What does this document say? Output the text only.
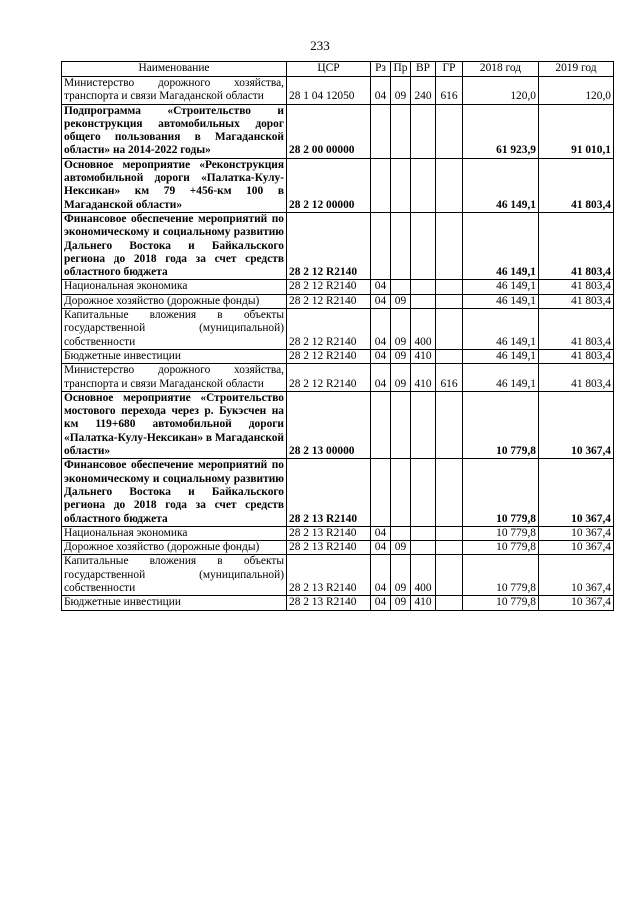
233
Наименование	ЦСР	Рз	Пр	ВР	ГР	2018 год	2019 год
Министерство дорожного хозяйства, транспорта и связи Магаданской области	28 1 04 12050	04	09	240	616	120,0	120,0
Подпрограмма «Строительство и реконструкция автомобильных дорог общего пользования в Магаданской области» на 2014-2022 годы»	28 2 00 00000					61 923,9	91 010,1
Основное мероприятие «Реконструкция автомобильной дороги «Палатка-Кулу-Нексикан» км 79 +456-км 100 в Магаданской области»	28 2 12 00000					46 149,1	41 803,4
Финансовое обеспечение мероприятий по экономическому и социальному развитию Дальнего Востока и Байкальского региона до 2018 года за счет средств областного бюджета	28 2 12 R2140					46 149,1	41 803,4
Национальная экономика	28 2 12 R2140	04				46 149,1	41 803,4
Дорожное хозяйство (дорожные фонды)	28 2 12 R2140	04	09			46 149,1	41 803,4
Капитальные вложения в объекты государственной (муниципальной) собственности	28 2 12 R2140	04	09	400		46 149,1	41 803,4
Бюджетные инвестиции	28 2 12 R2140	04	09	410		46 149,1	41 803,4
Министерство дорожного хозяйства, транспорта и связи Магаданской области	28 2 12 R2140	04	09	410	616	46 149,1	41 803,4
Основное мероприятие «Строительство мостового перехода через р. Букэсчен на км 119+680 автомобильной дороги «Палатка-Кулу-Нексикан» в Магаданской области»	28 2 13 00000					10 779,8	10 367,4
Финансовое обеспечение мероприятий по экономическому и социальному развитию Дальнего Востока и Байкальского региона до 2018 года за счет средств областного бюджета	28 2 13 R2140					10 779,8	10 367,4
Национальная экономика	28 2 13 R2140	04				10 779,8	10 367,4
Дорожное хозяйство (дорожные фонды)	28 2 13 R2140	04	09			10 779,8	10 367,4
Капитальные вложения в объекты государственной (муниципальной) собственности	28 2 13 R2140	04	09	400		10 779,8	10 367,4
Бюджетные инвестиции	28 2 13 R2140	04	09	410		10 779,8	10 367,4
